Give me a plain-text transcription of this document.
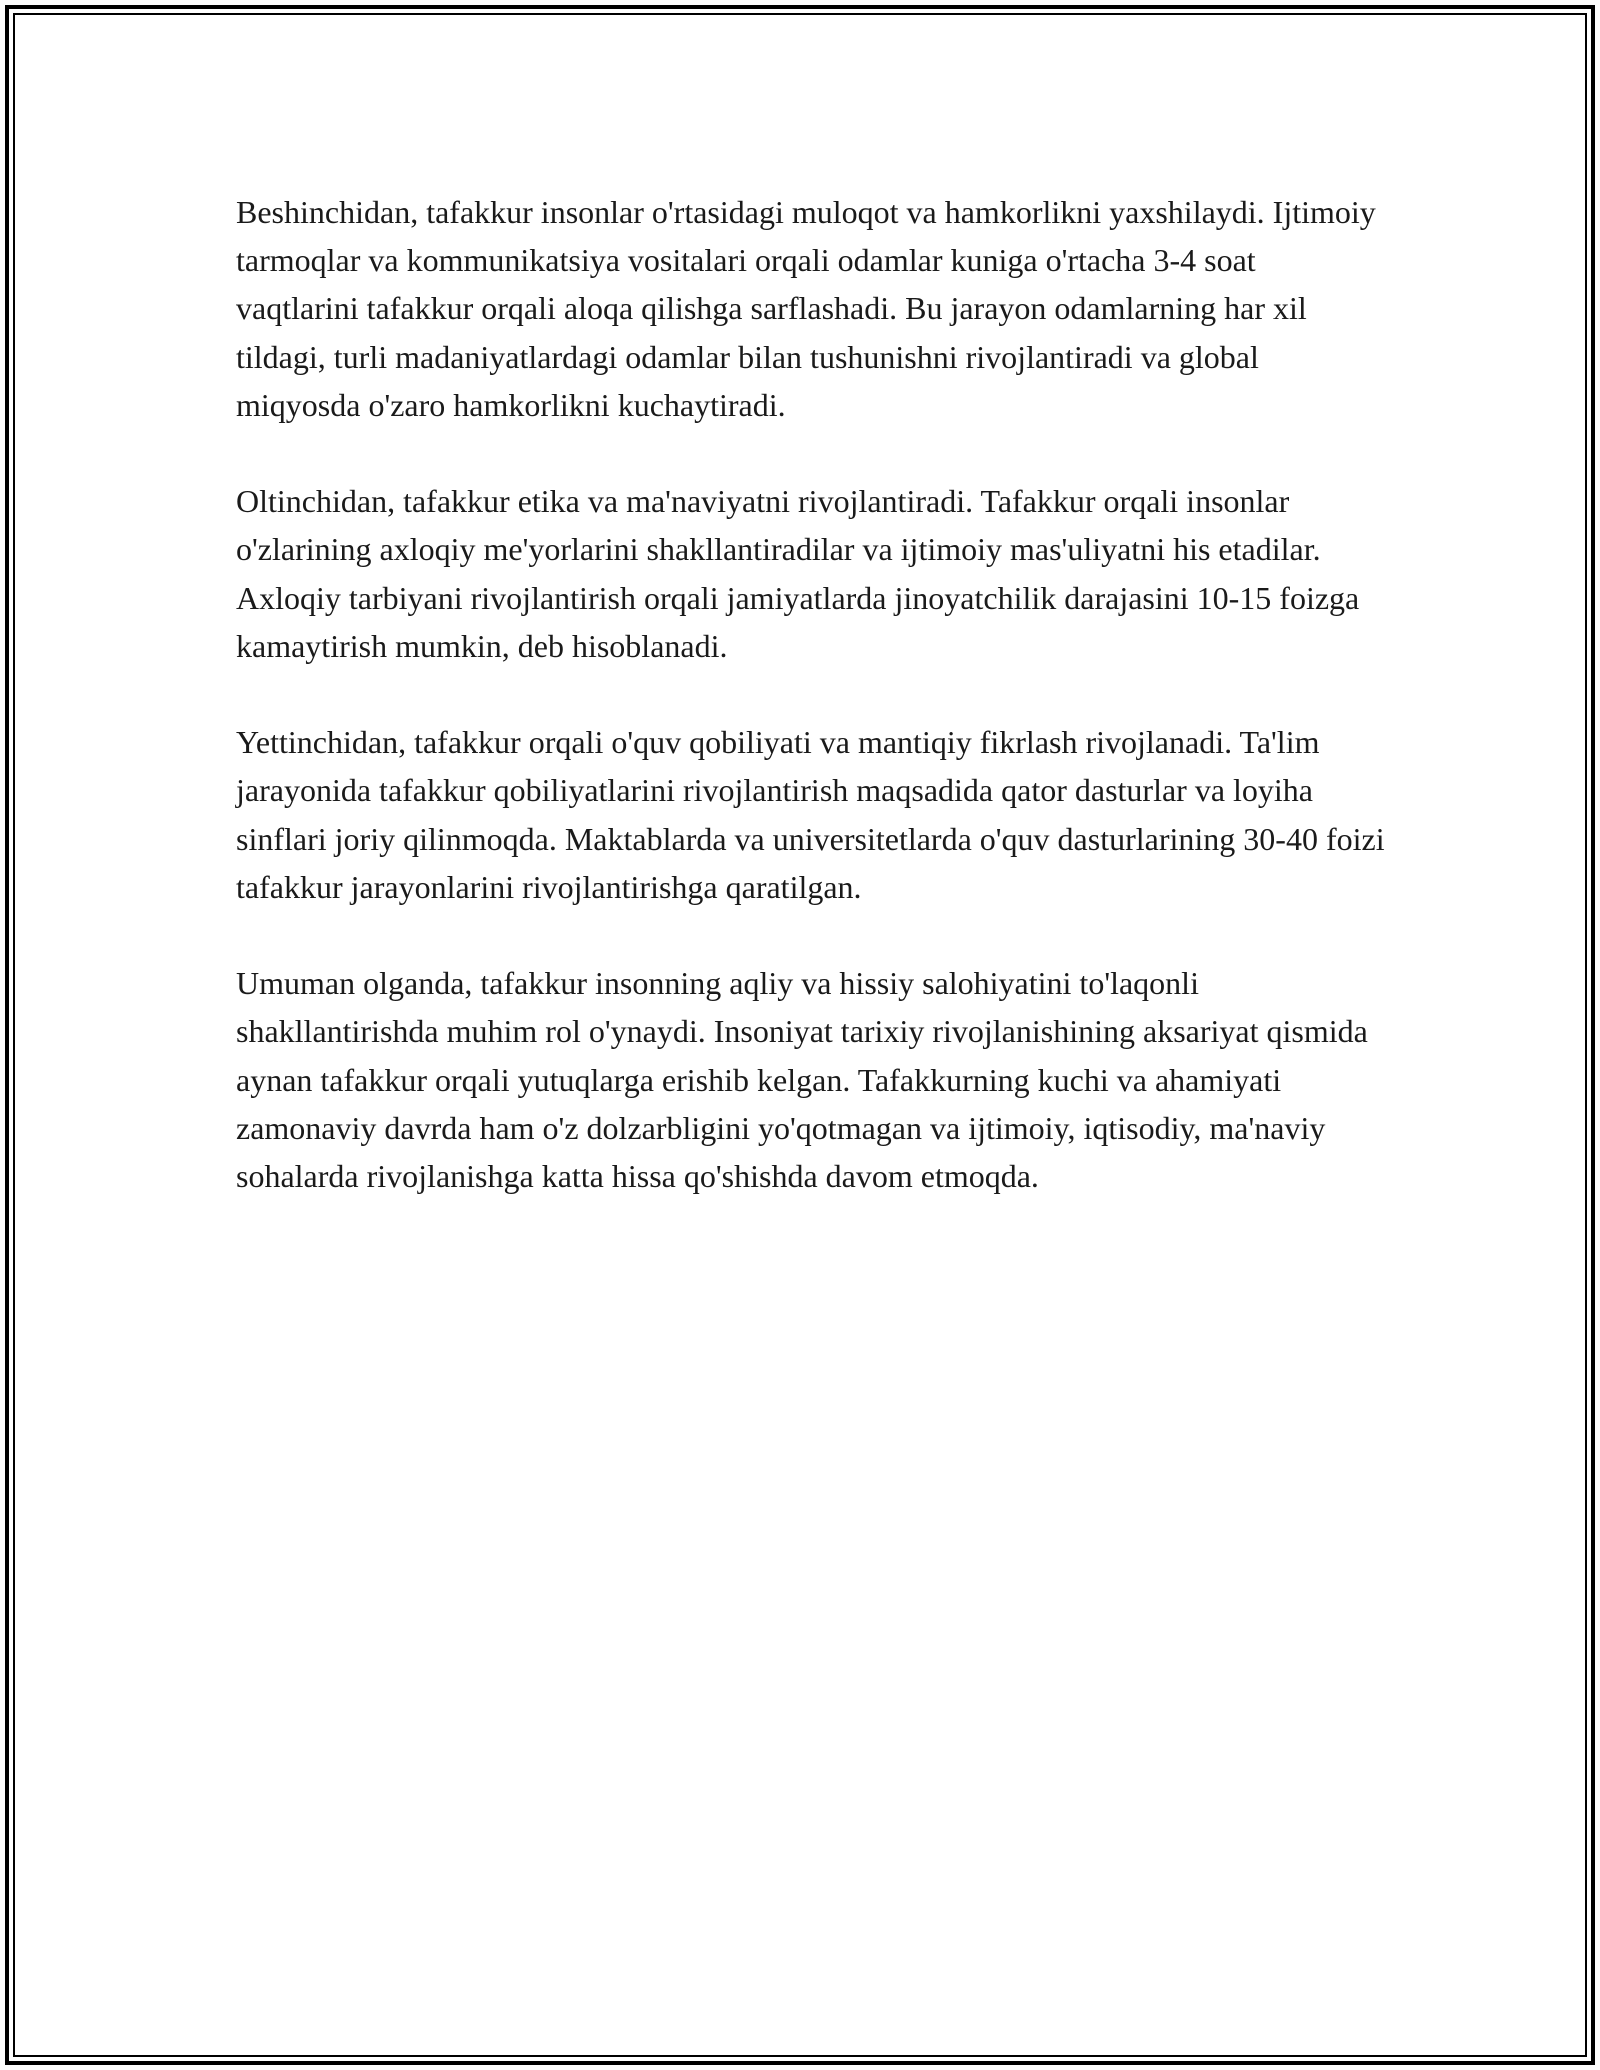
Beshinchidan, tafakkur insonlar o'rtasidagi muloqot va hamkorlikni yaxshilaydi. Ijtimoiy tarmoqlar va kommunikatsiya vositalari orqali odamlar kuniga o'rtacha 3-4 soat vaqtlarini tafakkur orqali aloqa qilishga sarflashadi. Bu jarayon odamlarning har xil tildagi, turli madaniyatlardagi odamlar bilan tushunishni rivojlantiradi va global miqyosda o'zaro hamkorlikni kuchaytiradi.

Oltinchidan, tafakkur etika va ma'naviyatni rivojlantiradi. Tafakkur orqali insonlar o'zlarining axloqiy me'yorlarini shakllantiradilar va ijtimoiy mas'uliyatni his etadilar. Axloqiy tarbiyani rivojlantirish orqali jamiyatlarda jinoyatchilik darajasini 10-15 foizga kamaytirish mumkin, deb hisoblanadi.

Yettinchidan, tafakkur orqali o'quv qobiliyati va mantiqiy fikrlash rivojlanadi. Ta'lim jarayonida tafakkur qobiliyatlarini rivojlantirish maqsadida qator dasturlar va loyiha sinflari joriy qilinmoqda. Maktablarda va universitetlarda o'quv dasturlarining 30-40 foizi tafakkur jarayonlarini rivojlantirishga qaratilgan.

Umuman olganda, tafakkur insonning aqliy va hissiy salohiyatini to'laqonli shakllantirishda muhim rol o'ynaydi. Insoniyat tarixiy rivojlanishining aksariyat qismida aynan tafakkur orqali yutuqlarga erishib kelgan. Tafakkurning kuchi va ahamiyati zamonaviy davrda ham o'z dolzarbligini yo'qotmagan va ijtimoiy, iqtisodiy, ma'naviy sohalarda rivojlanishga katta hissa qo'shishda davom etmoqda.
